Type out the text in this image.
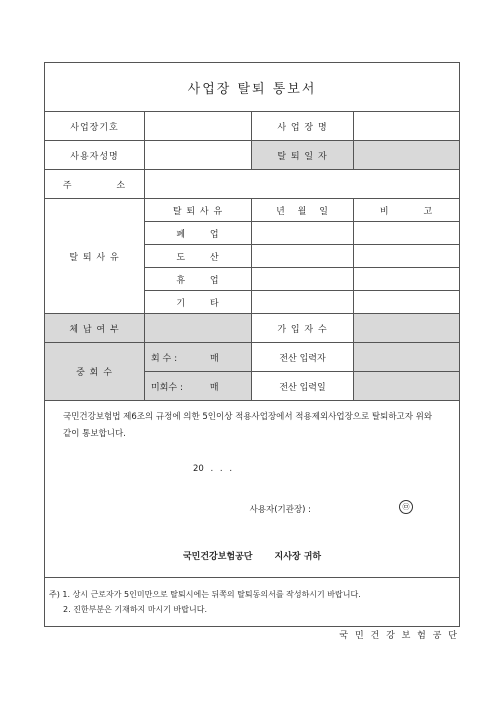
사업장 탈퇴 통보서			
사업장기호		사 업 장 명	
사용자성명		탈 퇴 일 자	
주 소			
탈 퇴 사 유	탈 퇴 사 유	년 월 일	비 고
	폐 업		
	도 산		
	휴 업		
	기 타		
체 납 여 부		가 입 자 수	
중 회 수	회 수 : 매	전산 입력자	
	미회수 : 매	전산 입력일	

국민건강보험법 제6조의 규정에 의한 5인이상 적용사업장에서 적용제외사업장으로 탈퇴하고자 위와 같이 통보합니다.
20 . . .
사용자(기관장) : ㉤
국민건강보험공단 지사장 귀하			

주) 1. 상시 근로자가 5인미만으로 탈퇴시에는 뒤쪽의 탈퇴동의서를 작성하시기 바랍니다.
2. 진한부분은 기재하지 마시기 바랍니다.			
국 민 건 강 보 험 공 단
